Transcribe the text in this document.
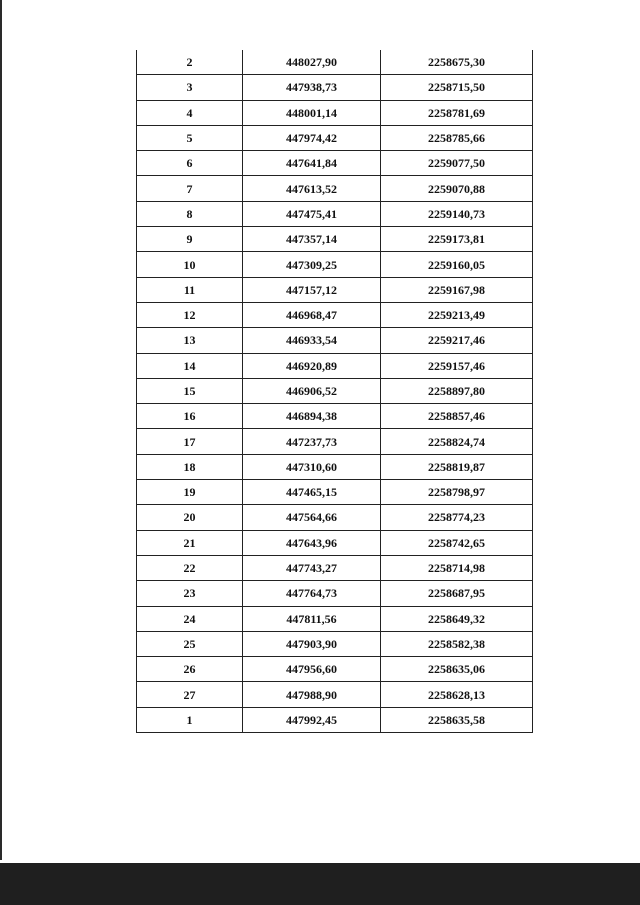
2	448027,90	2258675,30
3	447938,73	2258715,50
4	448001,14	2258781,69
5	447974,42	2258785,66
6	447641,84	2259077,50
7	447613,52	2259070,88
8	447475,41	2259140,73
9	447357,14	2259173,81
10	447309,25	2259160,05
11	447157,12	2259167,98
12	446968,47	2259213,49
13	446933,54	2259217,46
14	446920,89	2259157,46
15	446906,52	2258897,80
16	446894,38	2258857,46
17	447237,73	2258824,74
18	447310,60	2258819,87
19	447465,15	2258798,97
20	447564,66	2258774,23
21	447643,96	2258742,65
22	447743,27	2258714,98
23	447764,73	2258687,95
24	447811,56	2258649,32
25	447903,90	2258582,38
26	447956,60	2258635,06
27	447988,90	2258628,13
1	447992,45	2258635,58
